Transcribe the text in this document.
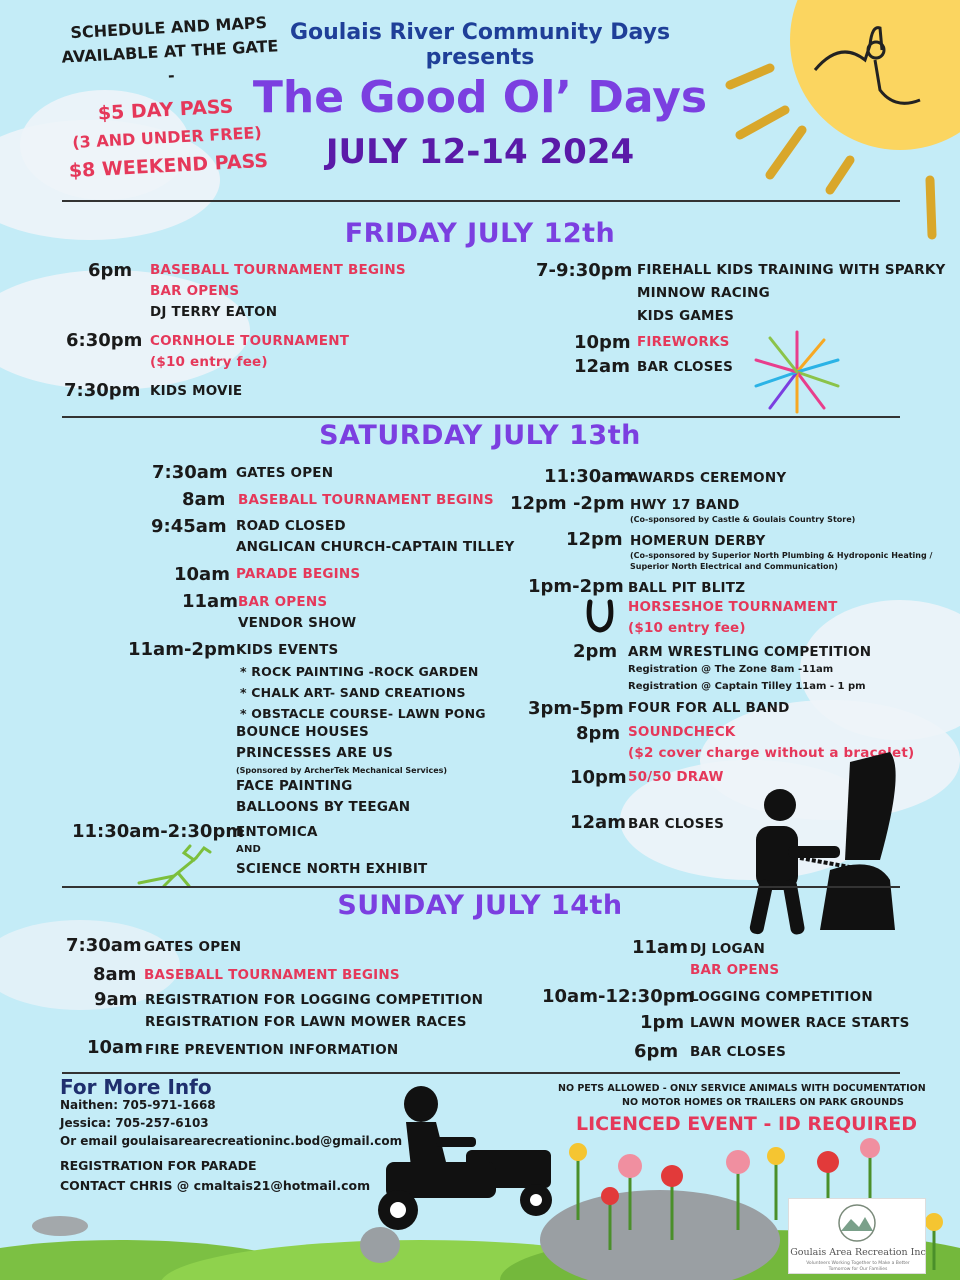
SCHEDULE AND MAPS
AVAILABLE AT THE GATE
-
$5 DAY PASS
(3 AND UNDER FREE)
$8 WEEKEND PASS
Goulais River Community Days
presents
The Good Ol’ Days
JULY 12-14 2024
FRIDAY JULY 12th
6pm BASEBALL TOURNAMENT BEGINS
BAR OPENS
DJ TERRY EATON
6:30pm CORNHOLE TOURNAMENT
($10 entry fee)
7:30pm KIDS MOVIE
7-9:30pm FIREHALL KIDS TRAINING WITH SPARKY
MINNOW RACING
KIDS GAMES
10pm FIREWORKS
12am BAR CLOSES
SATURDAY JULY 13th
7:30am GATES OPEN
8am BASEBALL TOURNAMENT BEGINS
9:45am ROAD CLOSED
ANGLICAN CHURCH-CAPTAIN TILLEY
10am PARADE BEGINS
11am BAR OPENS
VENDOR SHOW
11am-2pm KIDS EVENTS
* ROCK PAINTING -ROCK GARDEN
* CHALK ART- SAND CREATIONS
* OBSTACLE COURSE- LAWN PONG
BOUNCE HOUSES
PRINCESSES ARE US
(Sponsored by ArcherTek Mechanical Services)
FACE PAINTING
BALLOONS BY TEEGAN
11:30am-2:30pm
ENTOMICA
AND
SCIENCE NORTH EXHIBIT
11:30am
AWARDS CEREMONY
12pm -2pm HWY 17 BAND
(Co-sponsored by Castle & Goulais Country Store)
12pm HOMERUN DERBY
(Co-sponsored by Superior North Plumbing & Hydroponic Heating /
Superior North Electrical and Communication)
1pm-2pm BALL PIT BLITZ
HORSESHOE TOURNAMENT
($10 entry fee)
2pm ARM WRESTLING COMPETITION
Registration @ The Zone 8am -11am
Registration @ Captain Tilley 11am - 1 pm
3pm-5pm FOUR FOR ALL BAND
8pm SOUNDCHECK
($2 cover charge without a bracelet)
10pm 50/50 DRAW
12am BAR CLOSES
SUNDAY JULY 14th
7:30am GATES OPEN
8am BASEBALL TOURNAMENT BEGINS
9am REGISTRATION FOR LOGGING COMPETITION
REGISTRATION FOR LAWN MOWER RACES
10am FIRE PREVENTION INFORMATION
11am DJ LOGAN
BAR OPENS
10am-12:30pm
LOGGING COMPETITION
1pm LAWN MOWER RACE STARTS
6pm BAR CLOSES
For More Info
Naithen: 705-971-1668
Jessica: 705-257-6103
Or email goulaisarearecreationinc.bod@gmail.com
REGISTRATION FOR PARADE
CONTACT CHRIS @ cmaltais21@hotmail.com
NO PETS ALLOWED - ONLY SERVICE ANIMALS WITH DOCUMENTATION
NO MOTOR HOMES OR TRAILERS ON PARK GROUNDS
LICENCED EVENT - ID REQUIRED
Goulais Area Recreation Inc
Volunteers Working Together to Make a Better Tomorrow for Our Families
